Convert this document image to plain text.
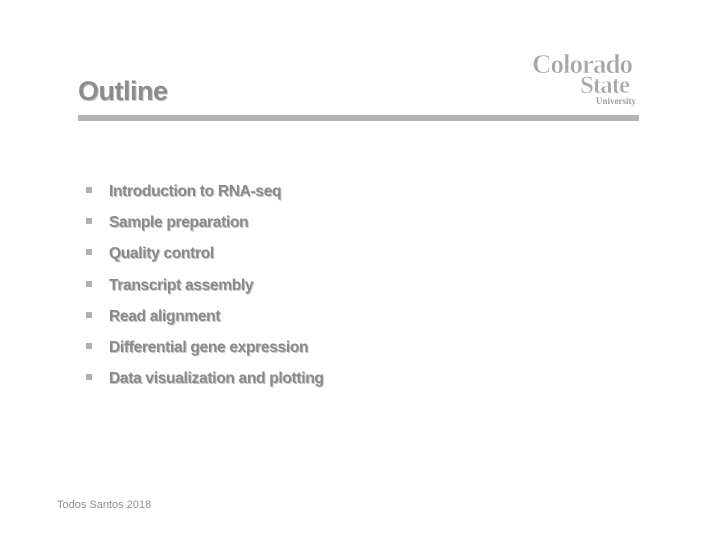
Outline
Colorado
State
University
Introduction to RNA-seq
Sample preparation
Quality control
Transcript assembly
Read alignment
Differential gene expression
Data visualization and plotting
Todos Santos 2018
